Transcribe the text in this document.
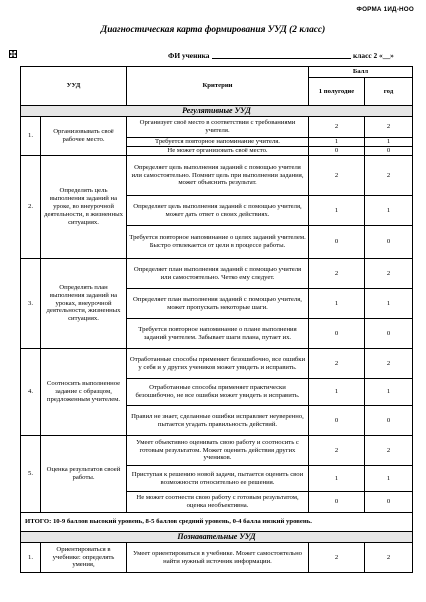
ФОРМА 1ИД-НОО
Диагностическая карта формирования УУД (2 класс)
ФИ ученика	класс 2 «__»
УУД		Критерии	Балл	
			1 полугодие	год
Регулятивные УУД				
1.	Организовывать своё рабочее место.	Организует своё место в соответствии с требованиями учителя.	2	2
		Требуется повторное напоминание учителя.	1	1
		Не может организовать своё место.	0	0
2.	Определять цель выполнения заданий на уроке, во внеурочной деятельности, в жизненных ситуациях.	Определяет цель выполнения заданий с помощью учителя или самостоятельно. Помнит цель при выполнении задания, может объяснить результат.	2	2
		Определяет цель выполнения заданий с помощью учителя, может дать ответ о своих действиях.	1	1
		Требуется повторное напоминание о целях заданий учителем. Быстро отвлекается от цели в процессе работы.	0	0
3.	Определять план выполнения заданий на уроках, внеурочной деятельности, жизненных ситуациях.	Определяет план выполнения заданий с помощью учителя или самостоятельно. Четко ему следует.	2	2
		Определяет план выполнения заданий с помощью учителя, может пропускать некоторые шаги.	1	1
		Требуется повторное напоминание о плане выполнения заданий учителем. Забывает шаги плана, путает их.	0	0
4.	Соотносить выполненное задание с образцом, предложенным учителем.	Отработанные способы применяет безошибочно, все ошибки у себя и у других учеников может увидеть и исправить.	2	2
		Отработанные способы применяет практически безошибочно, не все ошибки может увидеть и исправить.	1	1
		Правил не знает, сделанные ошибки исправляет неуверенно, пытается угадать правильность действий.	0	0
5.	Оценка результатов своей работы.	Умеет объективно оценивать свою работу и соотносить с готовым результатом. Может оценить действия других учеников.	2	2
		Приступая к решению новой задачи, пытается оценить свои возможности относительно ее решения.	1	1
		Не может соотнести свою работу с готовым результатом, оценка необъективна.	0	0
ИТОГО: 10-9 баллов высокий уровень, 8-5 баллов средний уровень, 0-4 балла низкий уровень.				
Познавательные УУД				
1.	Ориентироваться в учебнике: определять умения,	Умеет ориентироваться в учебнике. Может самостоятельно найти нужный источник информации.	2	2
